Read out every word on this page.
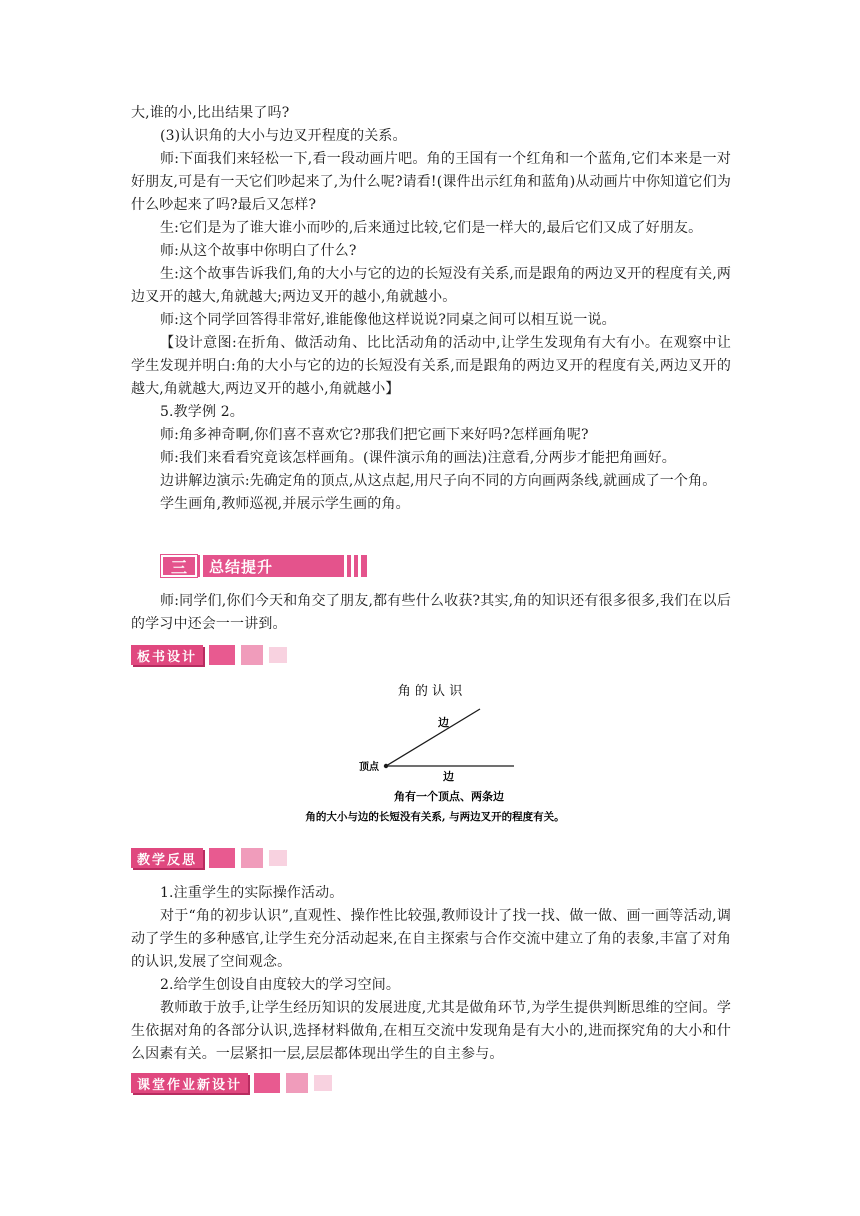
大,谁的小,比出结果了吗?

(3)认识角的大小与边叉开程度的关系。

师:下面我们来轻松一下,看一段动画片吧。角的王国有一个红角和一个蓝角,它们本来是一对好朋友,可是有一天它们吵起来了,为什么呢?请看!(课件出示红角和蓝角)从动画片中你知道它们为什么吵起来了吗?最后又怎样?

生:它们是为了谁大谁小而吵的,后来通过比较,它们是一样大的,最后它们又成了好朋友。

师:从这个故事中你明白了什么?

生:这个故事告诉我们,角的大小与它的边的长短没有关系,而是跟角的两边叉开的程度有关,两边叉开的越大,角就越大;两边叉开的越小,角就越小。

师:这个同学回答得非常好,谁能像他这样说说?同桌之间可以相互说一说。

【设计意图:在折角、做活动角、比比活动角的活动中,让学生发现角有大有小。在观察中让学生发现并明白:角的大小与它的边的长短没有关系,而是跟角的两边叉开的程度有关,两边叉开的越大,角就越大,两边叉开的越小,角就越小】

5.教学例 2。

师:角多神奇啊,你们喜不喜欢它?那我们把它画下来好吗?怎样画角呢?

师:我们来看看究竟该怎样画角。(课件演示角的画法)注意看,分两步才能把角画好。

边讲解边演示:先确定角的顶点,从这点起,用尺子向不同的方向画两条线,就画成了一个角。

学生画角,教师巡视,并展示学生画的角。

三	总结提升

师:同学们,你们今天和角交了朋友,都有些什么收获?其实,角的知识还有很多很多,我们在以后的学习中还会一一讲到。

板书设计
角 的 认 识
边
边
顶点
角有一个顶点、两条边
角的大小与边的长短没有关系, 与两边叉开的程度有关。
教学反思

1.注重学生的实际操作活动。

对于“角的初步认识”,直观性、操作性比较强,教师设计了找一找、做一做、画一画等活动,调动了学生的多种感官,让学生充分活动起来,在自主探索与合作交流中建立了角的表象,丰富了对角的认识,发展了空间观念。

2.给学生创设自由度较大的学习空间。

教师敢于放手,让学生经历知识的发展进度,尤其是做角环节,为学生提供判断思维的空间。学生依据对角的各部分认识,选择材料做角,在相互交流中发现角是有大小的,进而探究角的大小和什么因素有关。一层紧扣一层,层层都体现出学生的自主参与。

课堂作业新设计
